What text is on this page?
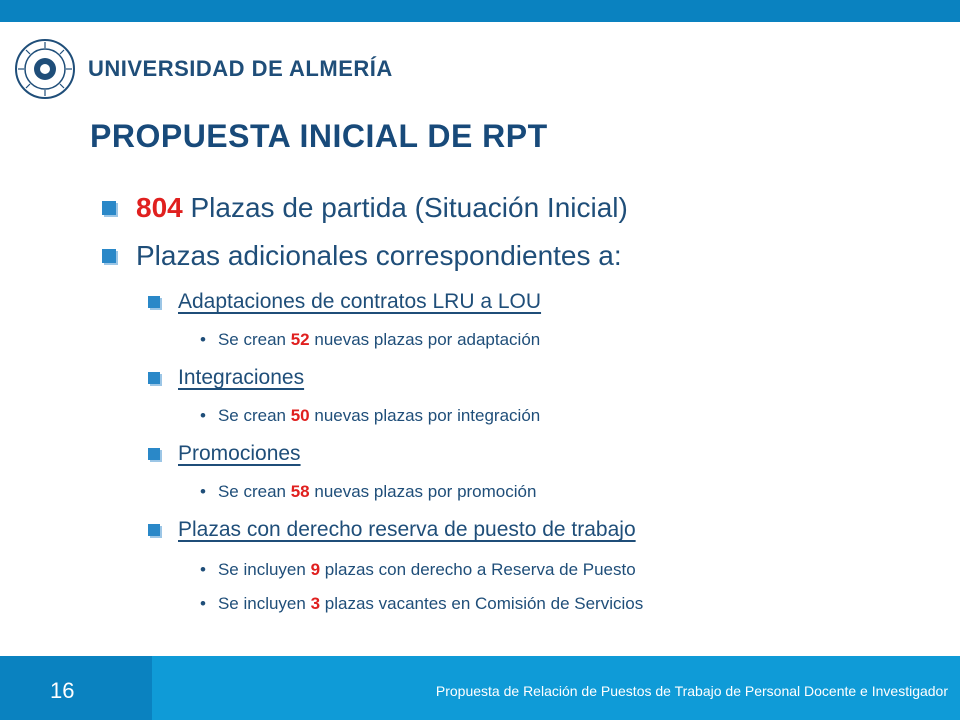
UNIVERSIDAD DE ALMERÍA
PROPUESTA INICIAL DE RPT
804 Plazas de partida (Situación Inicial)
Plazas adicionales correspondientes a:
Adaptaciones de contratos LRU a LOU
• Se crean 52 nuevas plazas por adaptación
Integraciones
• Se crean 50 nuevas plazas por integración
Promociones
• Se crean 58 nuevas plazas por promoción
Plazas con derecho reserva de puesto de trabajo
• Se incluyen 9 plazas con derecho a Reserva de Puesto
• Se incluyen 3 plazas vacantes en Comisión de Servicios
16	Propuesta de Relación de Puestos de Trabajo de Personal Docente e Investigador
